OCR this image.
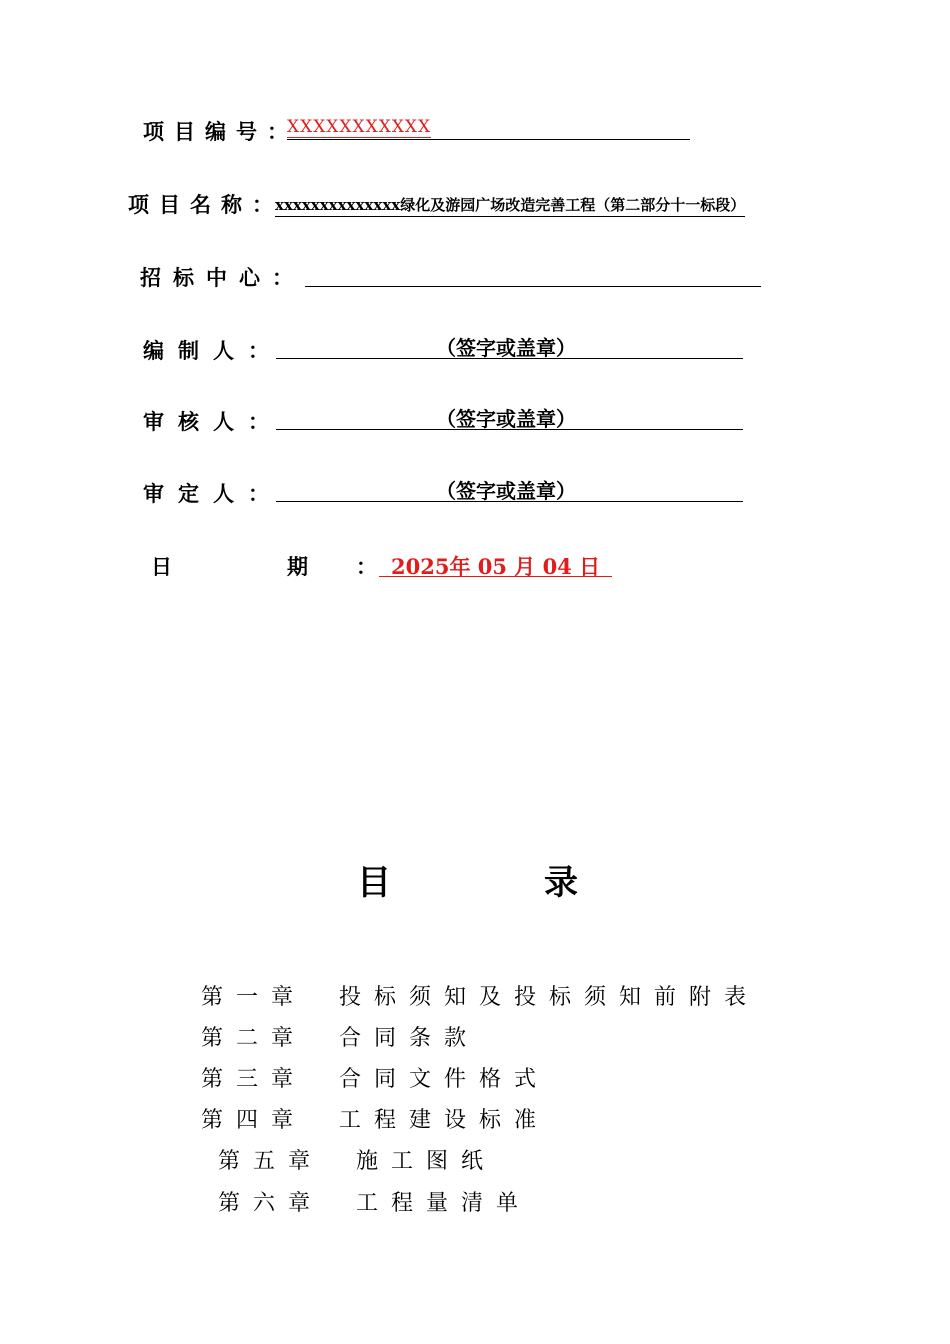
项目编号：
XXXXXXXXXXX
项目名称：
xxxxxxxxxxxxxx绿化及游园广场改造完善工程（第二部分十一标段）
招标中心：
编制人：	（签字或盖章）
审核人：	（签字或盖章）
审定人：	（签字或盖章）
日	期 ： 2025年 05 月 04 日
目	录
第一章 投标须知及投标须知前附表
第二章 合同条款
第三章 合同文件格式
第四章 工程建设标准
第五章 施工图纸
第六章 工程量清单
